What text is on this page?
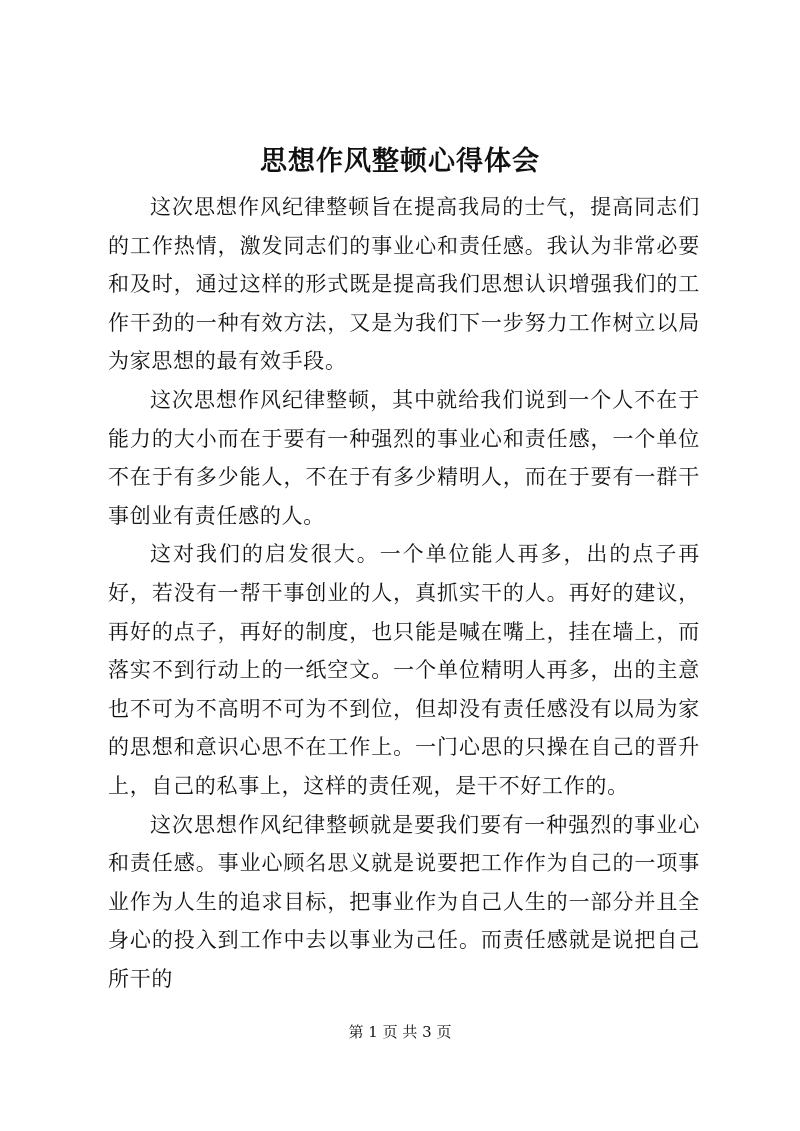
思想作风整顿心得体会

这次思想作风纪律整顿旨在提高我局的士气，提高同志们的工作热情，激发同志们的事业心和责任感。我认为非常必要和及时，通过这样的形式既是提高我们思想认识增强我们的工作干劲的一种有效方法，又是为我们下一步努力工作树立以局为家思想的最有效手段。

这次思想作风纪律整顿，其中就给我们说到一个人不在于能力的大小而在于要有一种强烈的事业心和责任感，一个单位不在于有多少能人，不在于有多少精明人，而在于要有一群干事创业有责任感的人。

这对我们的启发很大。一个单位能人再多，出的点子再好，若没有一帮干事创业的人，真抓实干的人。再好的建议，再好的点子，再好的制度，也只能是喊在嘴上，挂在墙上，而落实不到行动上的一纸空文。一个单位精明人再多，出的主意也不可为不高明不可为不到位，但却没有责任感没有以局为家的思想和意识心思不在工作上。一门心思的只操在自己的晋升上，自己的私事上，这样的责任观，是干不好工作的。

这次思想作风纪律整顿就是要我们要有一种强烈的事业心和责任感。事业心顾名思义就是说要把工作作为自己的一项事业作为人生的追求目标，把事业作为自己人生的一部分并且全身心的投入到工作中去以事业为己任。而责任感就是说把自己所干的

第 1 页 共 3 页
